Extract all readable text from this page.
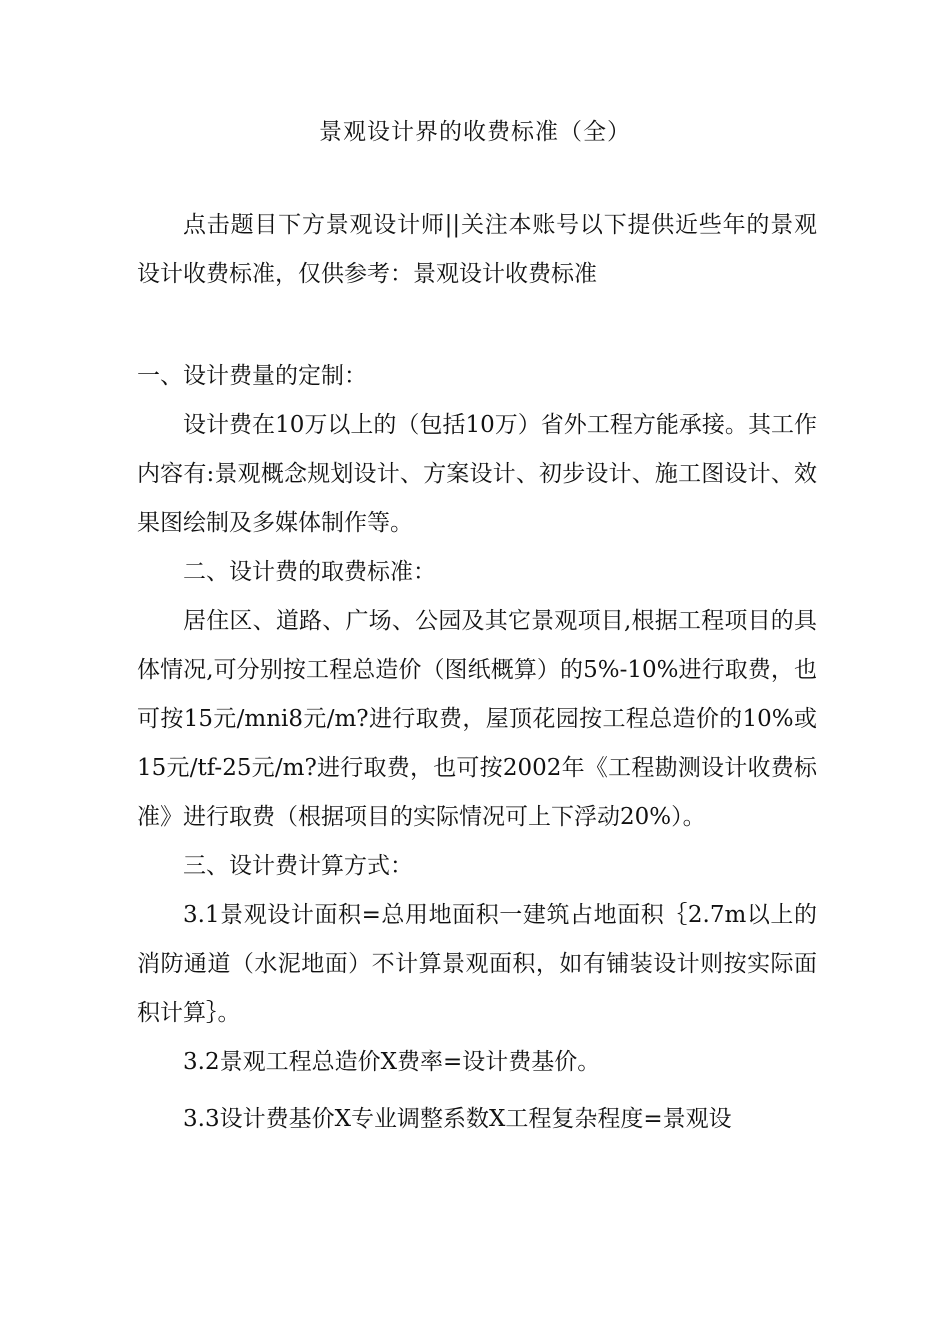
景观设计界的收费标准（全）

点击题目下方景观设计师||关注本账号以下提供近些年的景观设计收费标准，仅供参考：景观设计收费标准

一、设计费量的定制：

设计费在10万以上的（包括10万）省外工程方能承接。其工作内容有:景观概念规划设计、方案设计、初步设计、施工图设计、效果图绘制及多媒体制作等。

二、设计费的取费标准：

居住区、道路、广场、公园及其它景观项目,根据工程项目的具体情况,可分别按工程总造价（图纸概算）的5%-10%进行取费，也可按15元/mni8元/m?进行取费，屋顶花园按工程总造价的10%或15元/tf-25元/m?进行取费，也可按2002年《工程勘测设计收费标准》进行取费（根据项目的实际情况可上下浮动20%）。

三、设计费计算方式：

3.1景观设计面积=总用地面积一建筑占地面积｛2.7m以上的消防通道（水泥地面）不计算景观面积，如有铺装设计则按实际面积计算｝。

3.2景观工程总造价X费率=设计费基价。

3.3设计费基价X专业调整系数X工程复杂程度=景观设
